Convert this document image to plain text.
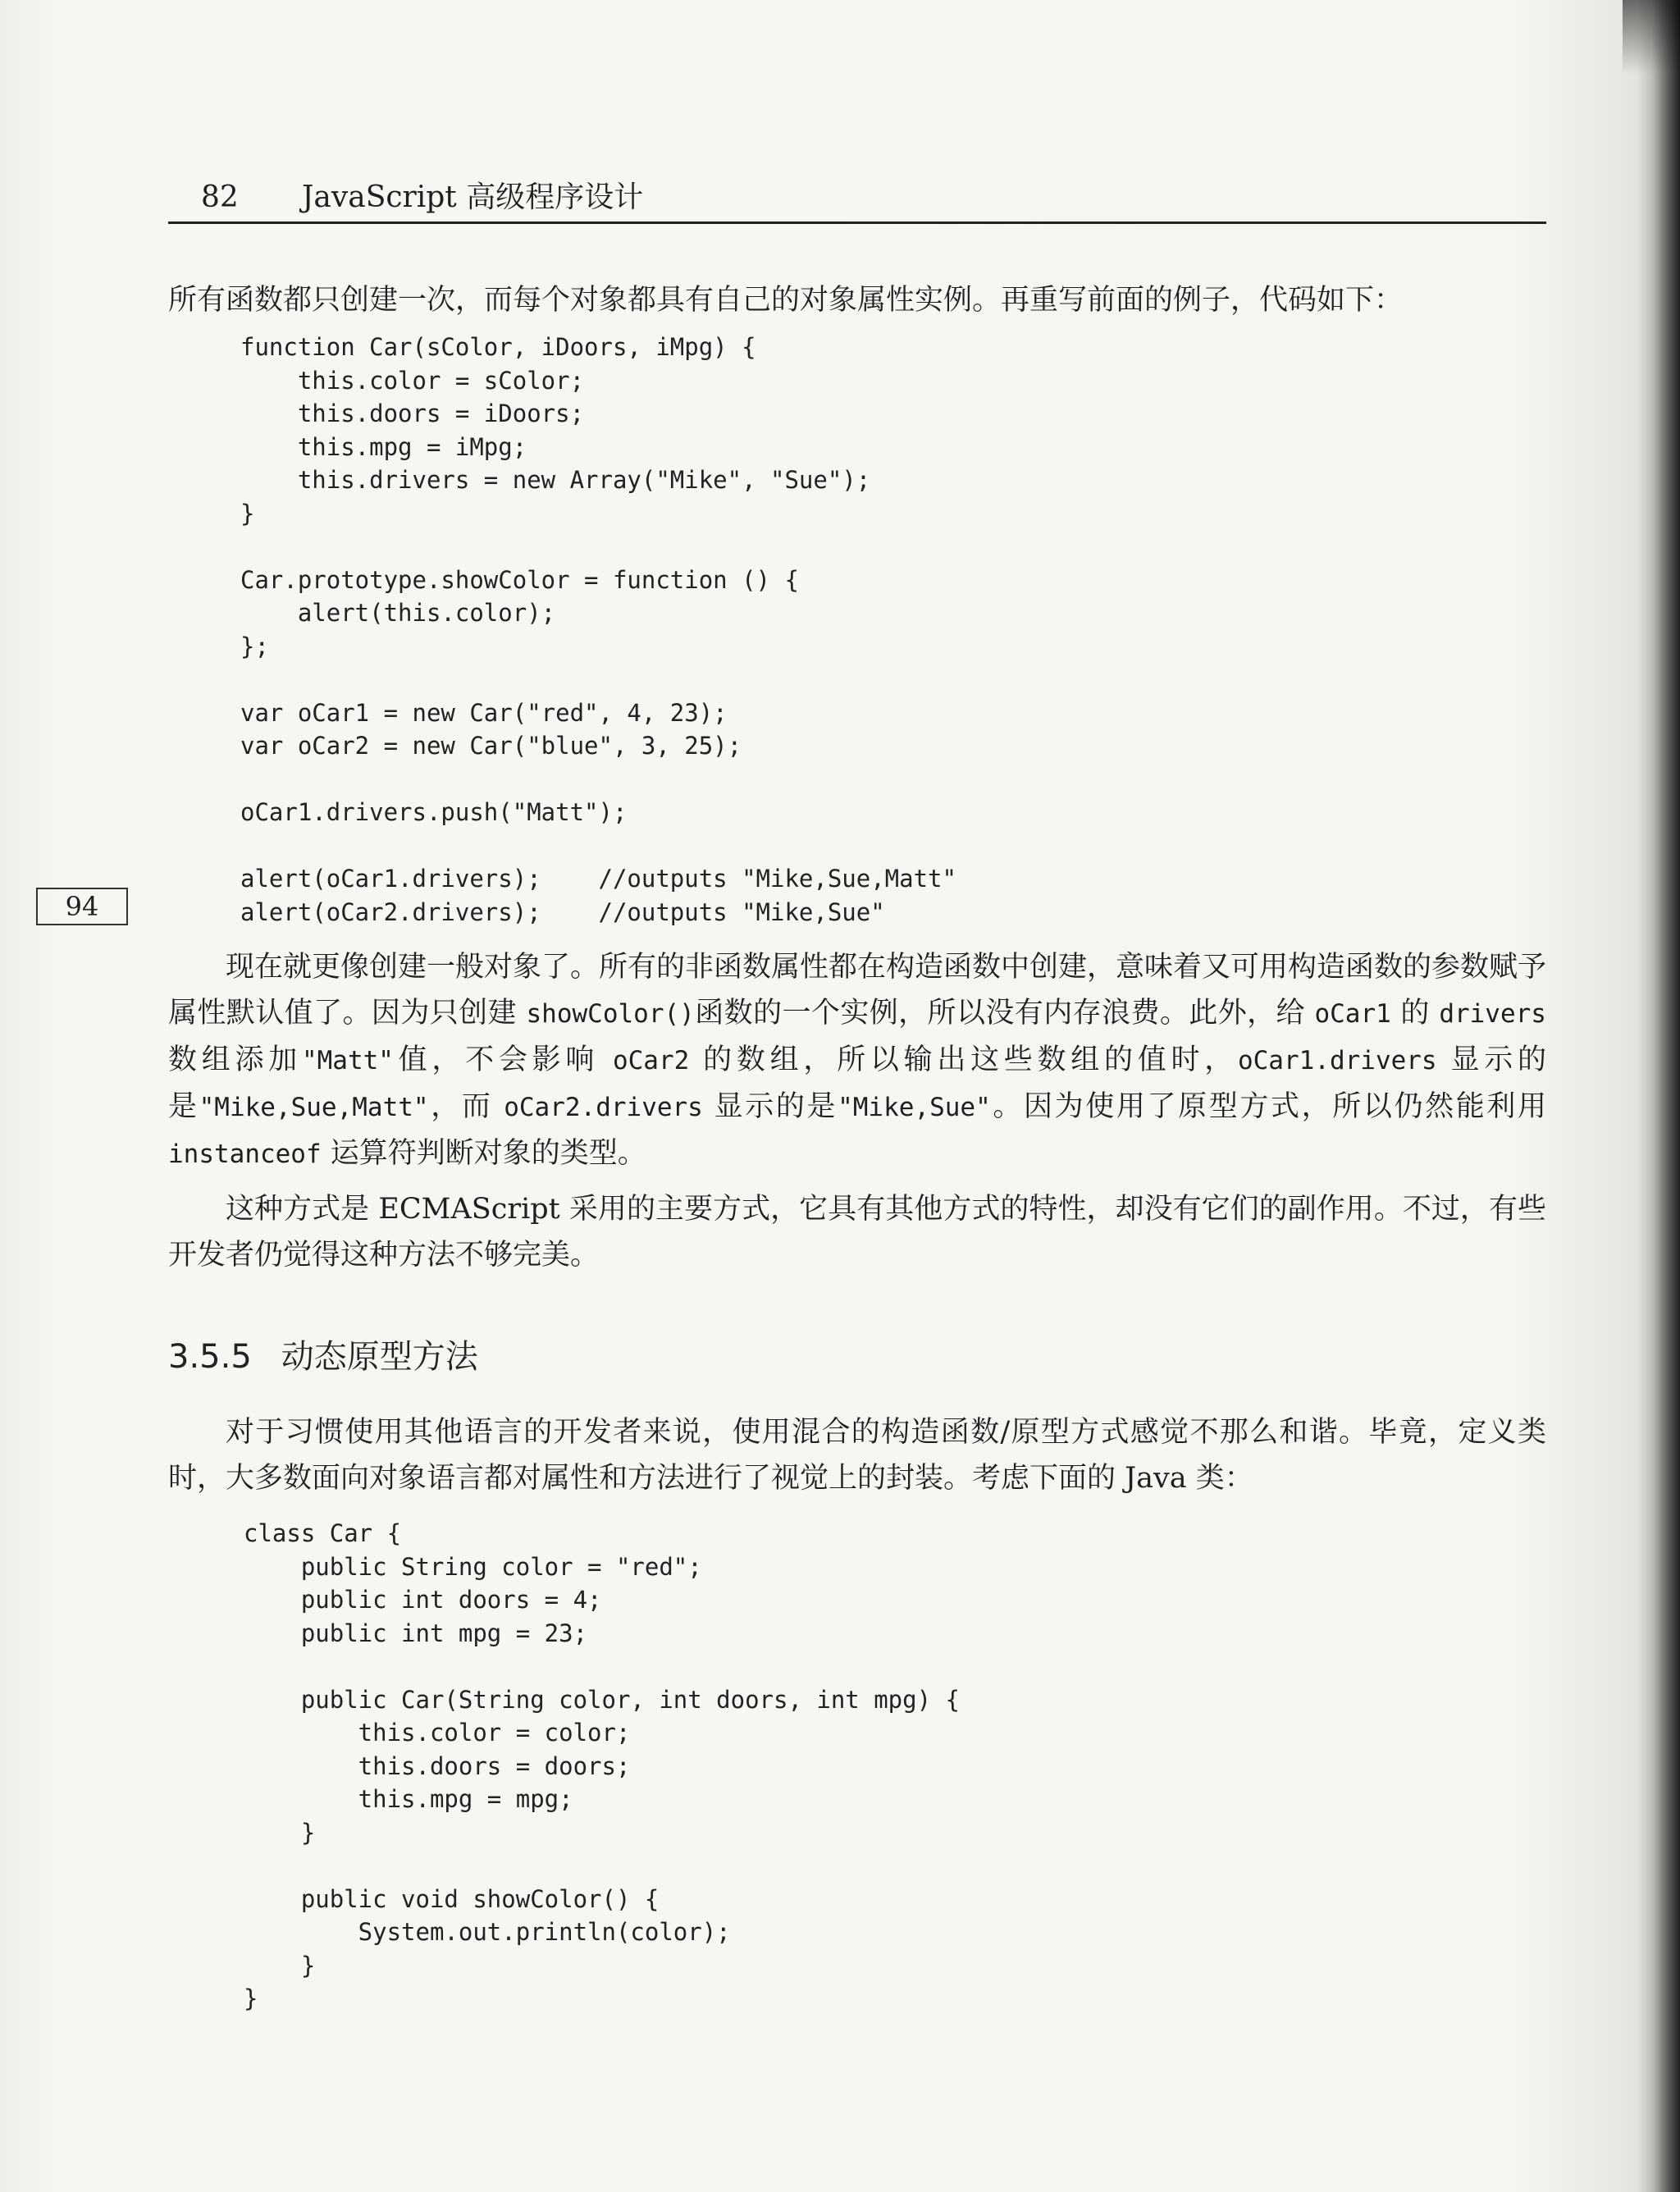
82 JavaScript 高级程序设计
所有函数都只创建一次，而每个对象都具有自己的对象属性实例。再重写前面的例子，代码如下：
function Car(sColor, iDoors, iMpg) {
this.color = sColor;
this.doors = iDoors;
this.mpg = iMpg;
this.drivers = new Array("Mike", "Sue");
}

Car.prototype.showColor = function () {
alert(this.color);
};

var oCar1 = new Car("red", 4, 23);
var oCar2 = new Car("blue", 3, 25);

oCar1.drivers.push("Matt");

alert(oCar1.drivers);    //outputs "Mike,Sue,Matt"
alert(oCar2.drivers);    //outputs "Mike,Sue"
94
现在就更像创建一般对象了。所有的非函数属性都在构造函数中创建，意味着又可用构造函数的参数赋予属性默认值了。因为只创建 showColor()函数的一个实例，所以没有内存浪费。此外，给 oCar1 的 drivers 数组添加"Matt"值，不会影响 oCar2 的数组，所以输出这些数组的值时，oCar1.drivers 显示的是"Mike,Sue,Matt"，而 oCar2.drivers 显示的是"Mike,Sue"。因为使用了原型方式，所以仍然能利用 instanceof 运算符判断对象的类型。
这种方式是 ECMAScript 采用的主要方式，它具有其他方式的特性，却没有它们的副作用。不过，有些开发者仍觉得这种方法不够完美。
3.5.5 动态原型方法
对于习惯使用其他语言的开发者来说，使用混合的构造函数/原型方式感觉不那么和谐。毕竟，定义类时，大多数面向对象语言都对属性和方法进行了视觉上的封装。考虑下面的 Java 类：
class Car {
public String color = "red";
public int doors = 4;
public int mpg = 23;

public Car(String color, int doors, int mpg) {
this.color = color;
this.doors = doors;
this.mpg = mpg;
}

public void showColor() {
System.out.println(color);
}
}
